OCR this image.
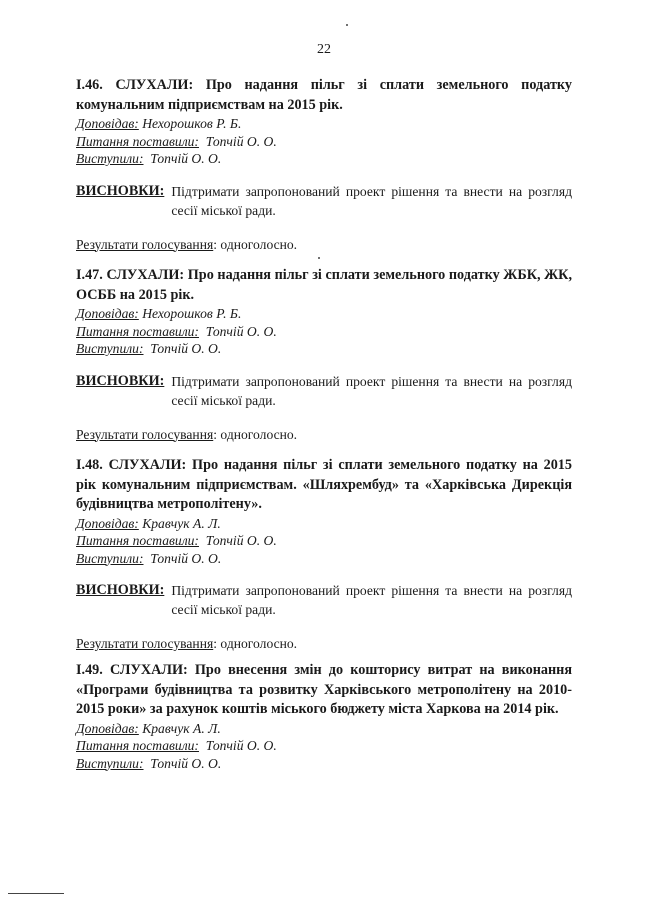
22
І.46. СЛУХАЛИ: Про надання пільг зі сплати земельного податку комунальним підприємствам на 2015 рік.
Доповідав: Нехорошков Р. Б.
Питання поставили: Топчій О. О.
Виступили: Топчій О. О.
ВИСНОВКИ: Підтримати запропонований проект рішення та внести на розгляд сесії міської ради.
Результати голосування: одноголосно.
І.47. СЛУХАЛИ: Про надання пільг зі сплати земельного податку ЖБК, ЖК, ОСББ на 2015 рік.
Доповідав: Нехорошков Р. Б.
Питання поставили: Топчій О. О.
Виступили: Топчій О. О.
ВИСНОВКИ: Підтримати запропонований проект рішення та внести на розгляд сесії міської ради.
Результати голосування: одноголосно.
І.48. СЛУХАЛИ: Про надання пільг зі сплати земельного податку на 2015 рік комунальним підприємствам. «Шляхрембуд» та «Харківська Дирекція будівництва метрополітену».
Доповідав: Кравчук А. Л.
Питання поставили: Топчій О. О.
Виступили: Топчій О. О.
ВИСНОВКИ: Підтримати запропонований проект рішення та внести на розгляд сесії міської ради.
Результати голосування: одноголосно.
І.49. СЛУХАЛИ: Про внесення змін до кошторису витрат на виконання «Програми будівництва та розвитку Харківського метрополітену на 2010-2015 роки» за рахунок коштів міського бюджету міста Харкова на 2014 рік.
Доповідав: Кравчук А. Л.
Питання поставили: Топчій О. О.
Виступили: Топчій О. О.
